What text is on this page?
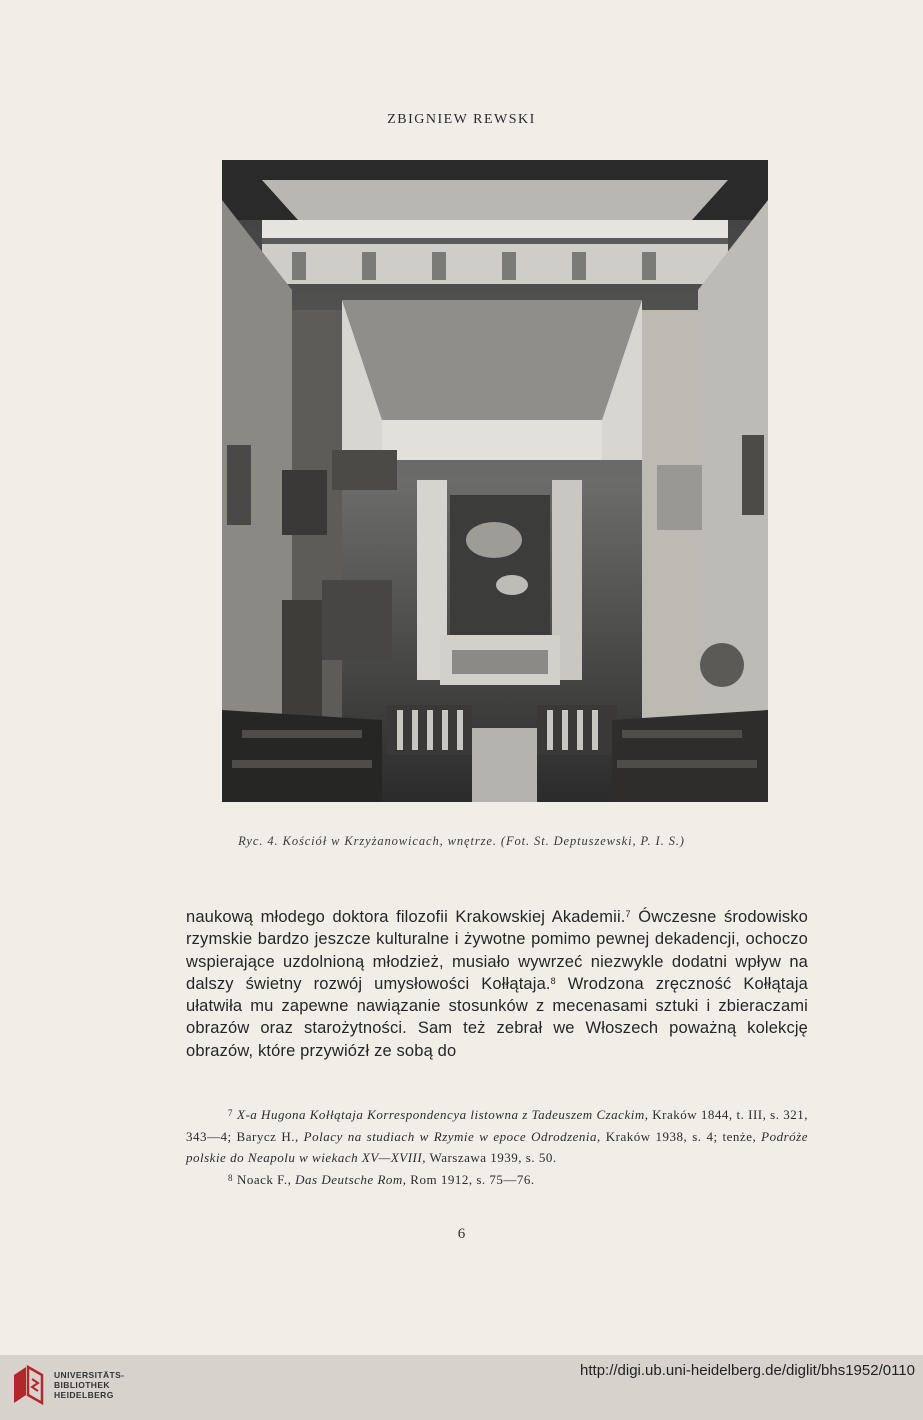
ZBIGNIEW REWSKI
Ryc. 4. Kościół w Krzyżanowicach, wnętrze. (Fot. St. Deptuszewski, P. I. S.)

naukową młodego doktora filozofii Krakowskiej Akademii.$^7$ Ówczesne środowisko rzymskie bardzo jeszcze kulturalne i żywotne pomimo pewnej dekadencji, ochoczo wspierające uzdolnioną młodzież, musiało wywrzeć niezwykle dodatni wpływ na dalszy świetny rozwój umysłowości Kołłątaja.$^8$ Wrodzona zręczność Kołłątaja ułatwiła mu zapewne nawiązanie stosunków z mecenasami sztuki i zbieraczami obrazów oraz starożytności. Sam też zebrał we Włoszech poważną kolekcję obrazów, które przywiózł ze sobą do

$^7$ X-a Hugona Kołłątaja Korrespondencya listowna z Tadeuszem Czackim, Kraków 1844, t. III, s. 321, 343—4; Barycz H., Polacy na studiach w Rzymie w epoce Odrodzenia, Kraków 1938, s. 4; tenże, Podróże polskie do Neapolu w wiekach XV—XVIII, Warszawa 1939, s. 50.

$^8$ Noack F., Das Deutsche Rom, Rom 1912, s. 75—76.

6
UNIVERSITÄTS-
BIBLIOTHEK
HEIDELBERG
http://digi.ub.uni-heidelberg.de/diglit/bhs1952/0110
